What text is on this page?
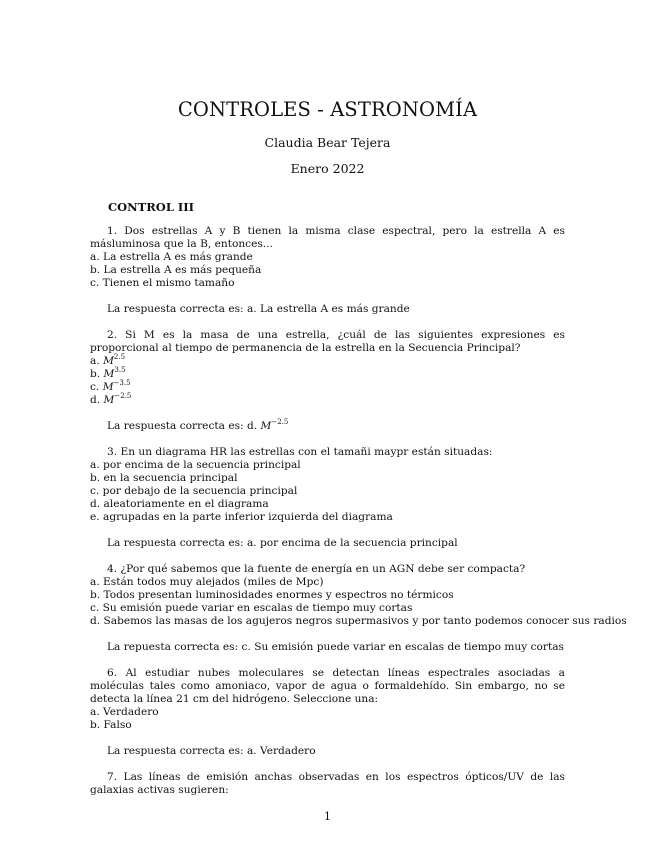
CONTROLES - ASTRONOMÍA
Claudia Bear Tejera
Enero 2022
CONTROL III

1. Dos estrellas A y B tienen la misma clase espectral, pero la estrella A es másluminosa que la B, entonces...

a. La estrella A es más grande

b. La estrella A es más pequeña

c. Tienen el mismo tamaño

La respuesta correcta es: a. La estrella A es más grande

2. Si M es la masa de una estrella, ¿cuál de las siguientes expresiones es proporcional al tiempo de permanencia de la estrella en la Secuencia Principal?

a. $M^{2.5}$

b. $M^{3.5}$

c. $M^{-3.5}$

d. $M^{-2.5}$

La respuesta correcta es: d. $M^{-2.5}$

3. En un diagrama HR las estrellas con el tamañi maypr están situadas:

a. por encima de la secuencia principal

b. en la secuencia principal

c. por debajo de la secuencia principal

d. aleatoriamente en el diagrama

e. agrupadas en la parte inferior izquierda del diagrama

La respuesta correcta es: a. por encima de la secuencia principal

4. ¿Por qué sabemos que la fuente de energía en un AGN debe ser compacta?

a. Están todos muy alejados (miles de Mpc)

b. Todos presentan luminosidades enormes y espectros no térmicos

c. Su emisión puede variar en escalas de tiempo muy cortas

d. Sabemos las masas de los agujeros negros supermasivos y por tanto podemos conocer sus radios

La repuesta correcta es: c. Su emisión puede variar en escalas de tiempo muy cortas

6. Al estudiar nubes moleculares se detectan líneas espectrales asociadas a moléculas tales como amoniaco, vapor de agua o formaldehído. Sin embargo, no se detecta la línea 21 cm del hidrógeno. Seleccione una:

a. Verdadero

b. Falso

La respuesta correcta es: a. Verdadero

7. Las líneas de emisión anchas observadas en los espectros ópticos/UV de las galaxias activas sugieren:

1
